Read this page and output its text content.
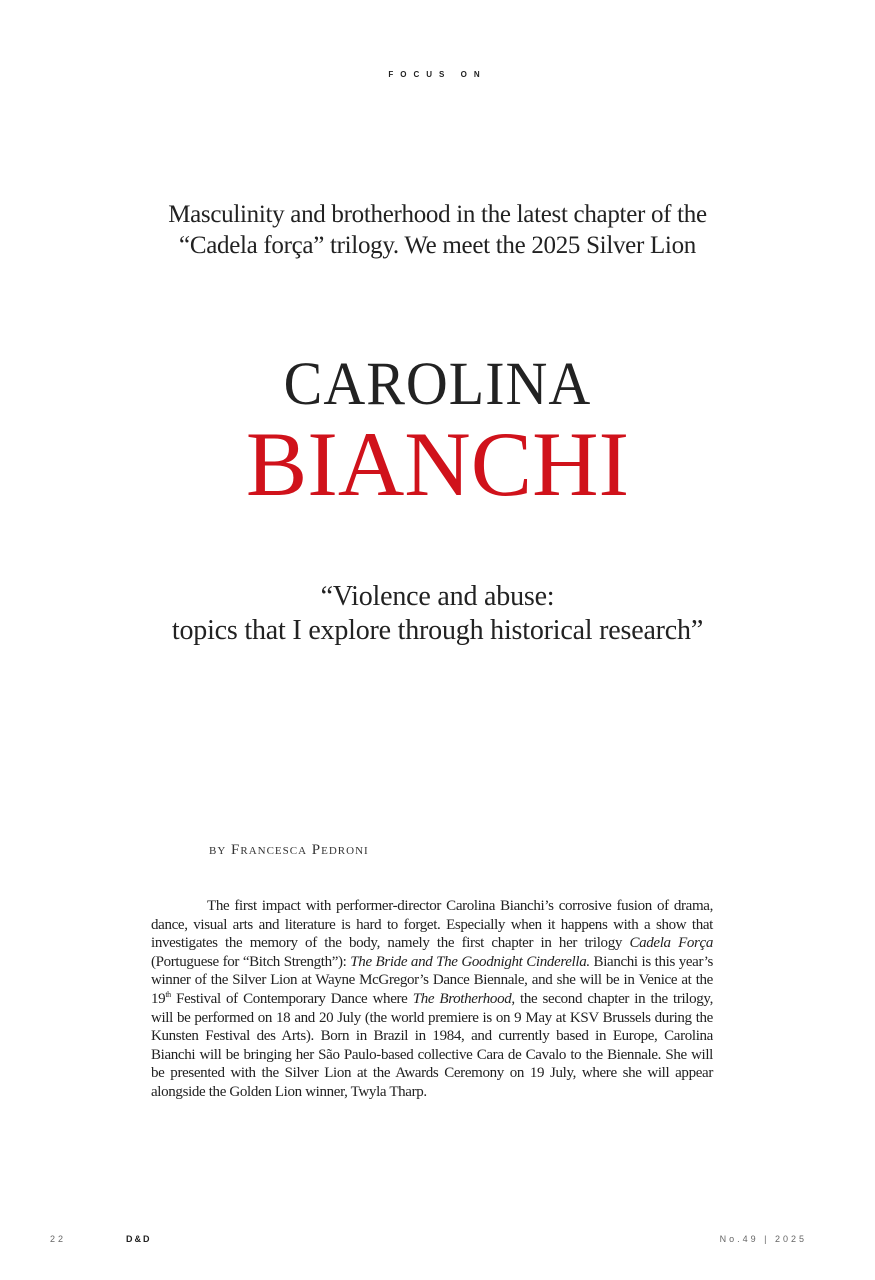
FOCUS ON
Masculinity and brotherhood in the latest chapter of the
“Cadela força” trilogy. We meet the 2025 Silver Lion
CAROLINA
BIANCHI
“Violence and abuse:
topics that I explore through historical research”
by Francesca Pedroni

The first impact with performer-director Carolina Bianchi’s corrosive fusion of drama, dance, visual arts and literature is hard to forget. Especially when it happens with a show that investigates the memory of the body, namely the first chapter in her trilogy Cadela Força (Portuguese for “Bitch Strength”): The Bride and The Goodnight Cinderella. Bianchi is this year’s winner of the Silver Lion at Wayne McGregor’s Dance Biennale, and she will be in Venice at the 19th Festival of Contemporary Dance where The Brotherhood, the second chapter in the trilogy, will be performed on 18 and 20 July (the world premiere is on 9 May at KSV Brussels during the Kunsten Festival des Arts). Born in Brazil in 1984, and currently based in Europe, Carolina Bianchi will be bringing her São Paulo-based collective Cara de Cavalo to the Biennale. She will be presented with the Silver Lion at the Awards Ceremony on 19 July, where she will appear alongside the Golden Lion winner, Twyla Tharp.

22	D&D	No.49 | 2025
